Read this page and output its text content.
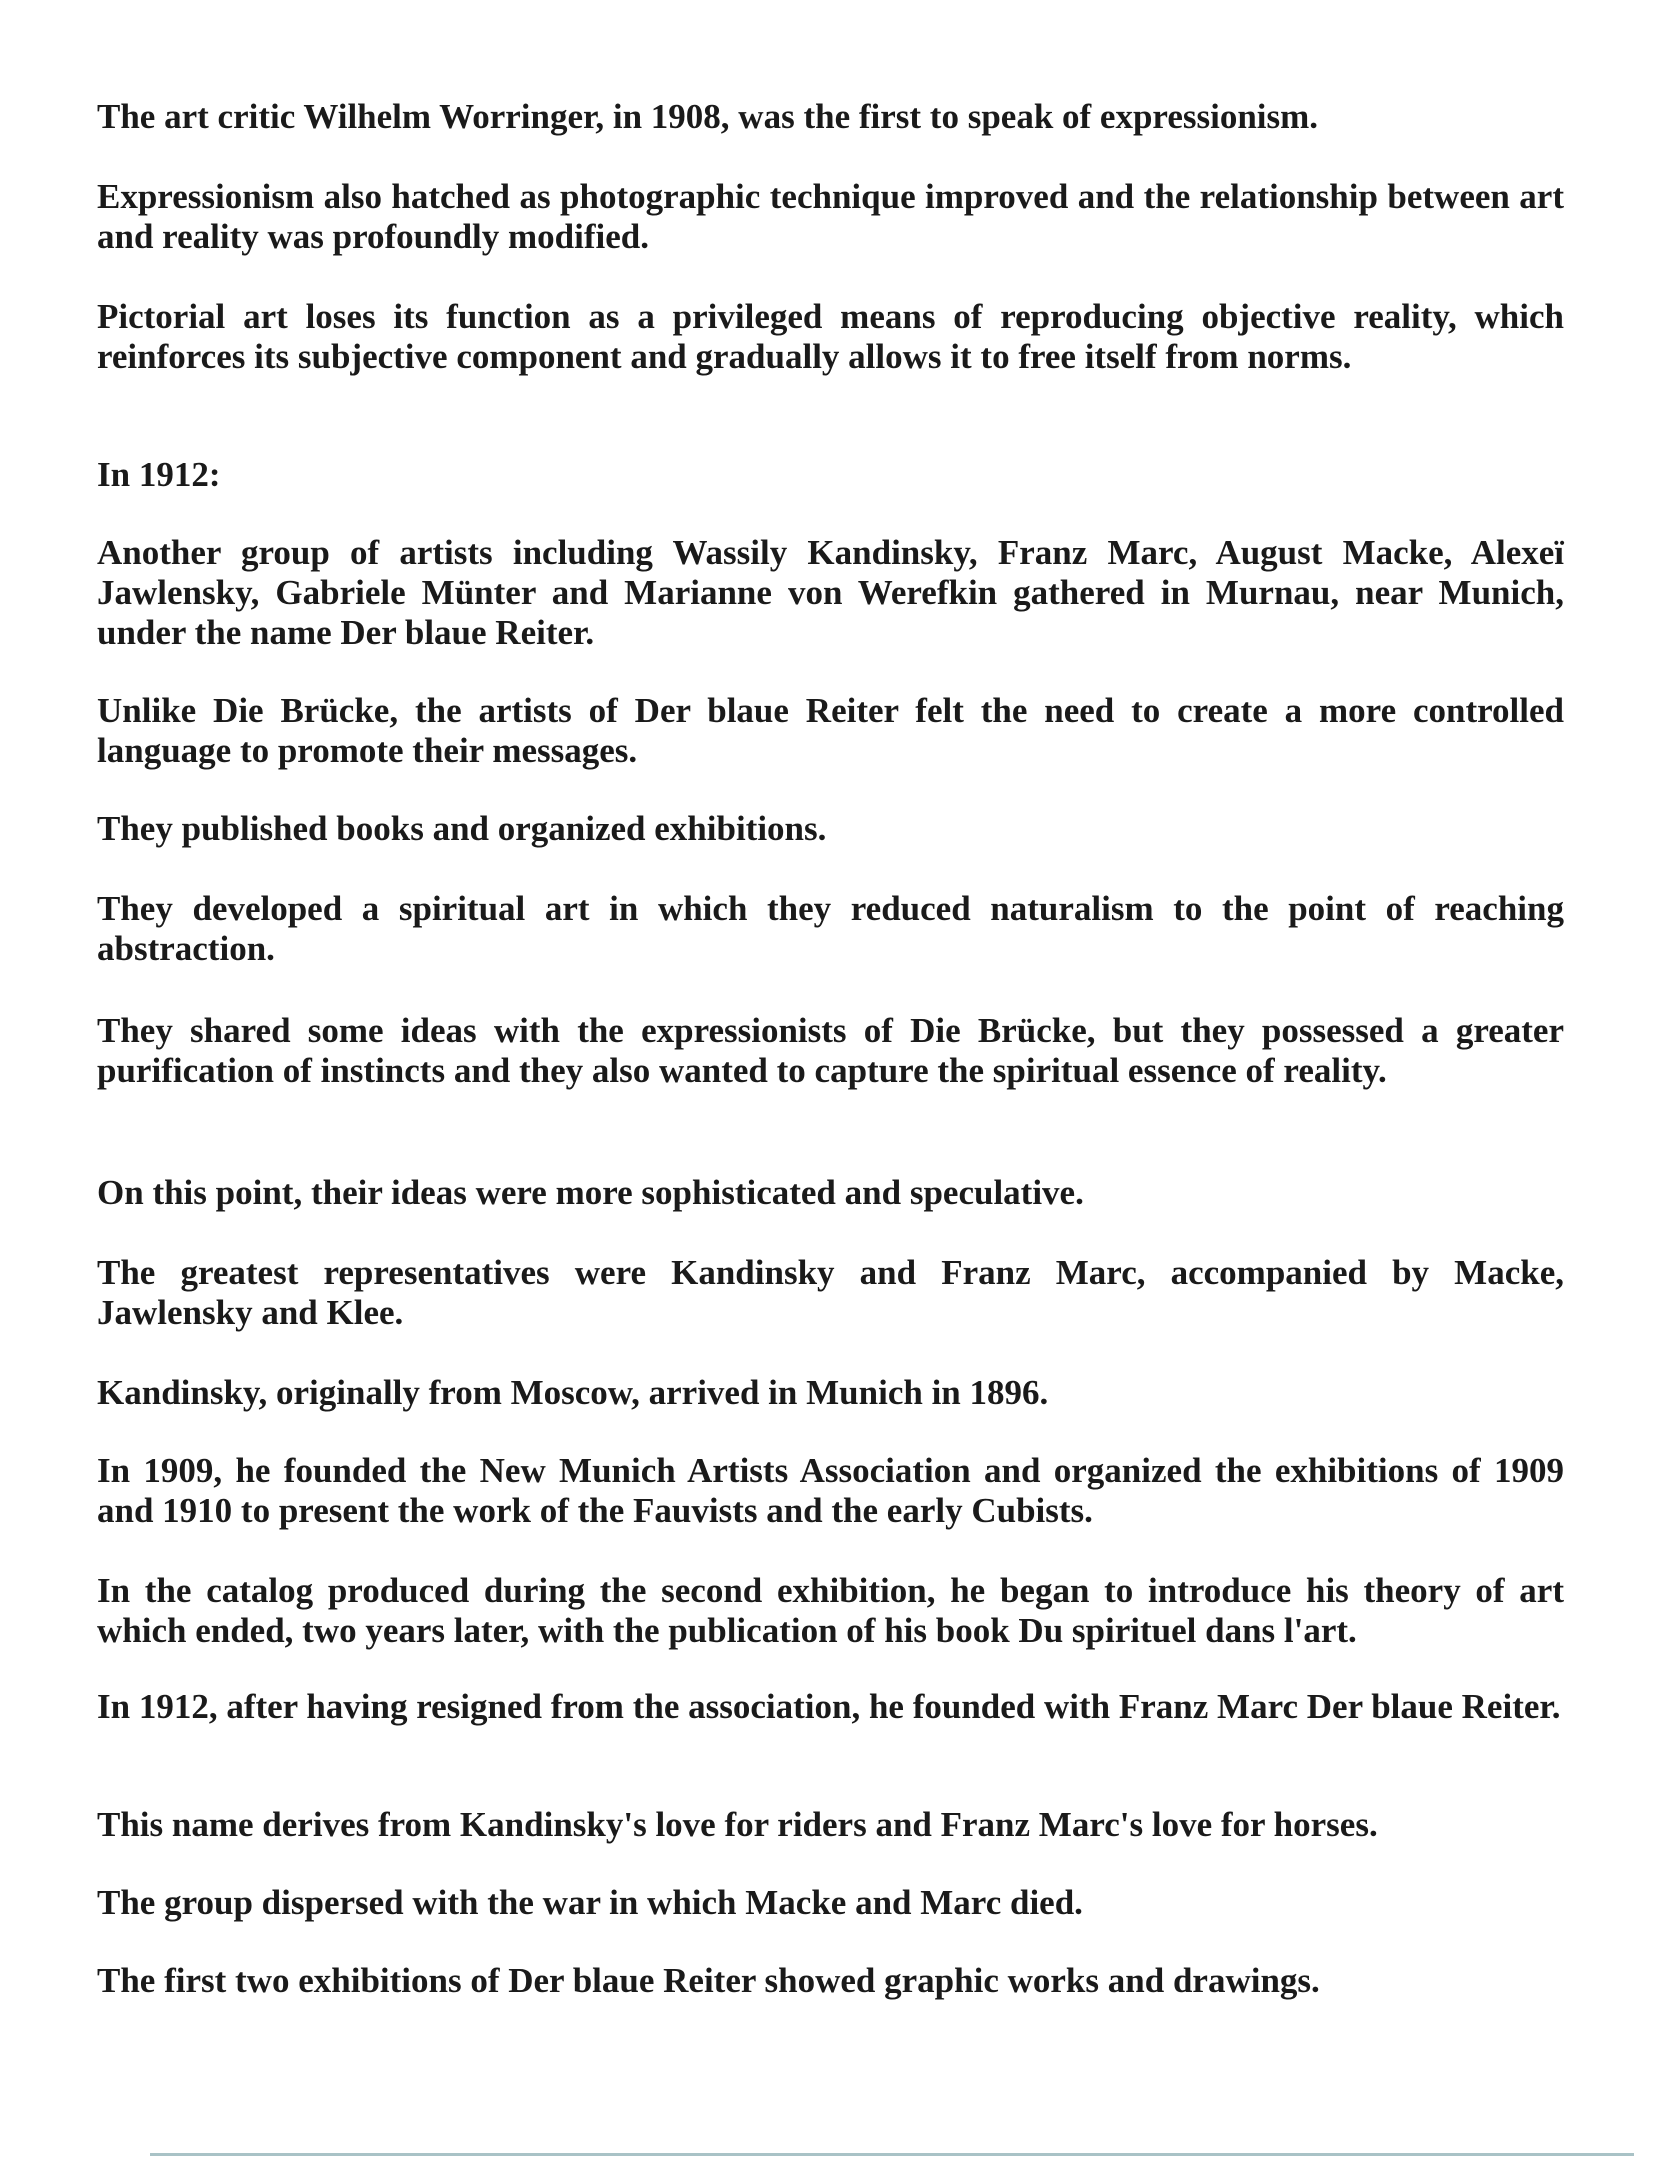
The art critic Wilhelm Worringer, in 1908, was the first to speak of expressionism.

Expressionism also hatched as photographic technique improved and the relationship between art and reality was profoundly modified.

Pictorial art loses its function as a privileged means of reproducing objective reality, which reinforces its subjective component and gradually allows it to free itself from norms.

In 1912:

Another group of artists including Wassily Kandinsky, Franz Marc, August Macke, Alexeï Jawlensky, Gabriele Münter and Marianne von Werefkin gathered in Murnau, near Munich, under the name Der blaue Reiter.

Unlike Die Brücke, the artists of Der blaue Reiter felt the need to create a more controlled language to promote their messages.

They published books and organized exhibitions.

They developed a spiritual art in which they reduced naturalism to the point of reaching abstraction.

They shared some ideas with the expressionists of Die Brücke, but they possessed a greater purification of instincts and they also wanted to capture the spiritual essence of reality.

On this point, their ideas were more sophisticated and speculative.

The greatest representatives were Kandinsky and Franz Marc, accompanied by Macke, Jawlensky and Klee.

Kandinsky, originally from Moscow, arrived in Munich in 1896.

In 1909, he founded the New Munich Artists Association and organized the exhibitions of 1909 and 1910 to present the work of the Fauvists and the early Cubists.

In the catalog produced during the second exhibition, he began to introduce his theory of art which ended, two years later, with the publication of his book Du spirituel dans l'art.

In 1912, after having resigned from the association, he founded with Franz Marc Der blaue Reiter.

This name derives from Kandinsky's love for riders and Franz Marc's love for horses.

The group dispersed with the war in which Macke and Marc died.

The first two exhibitions of Der blaue Reiter showed graphic works and drawings.
